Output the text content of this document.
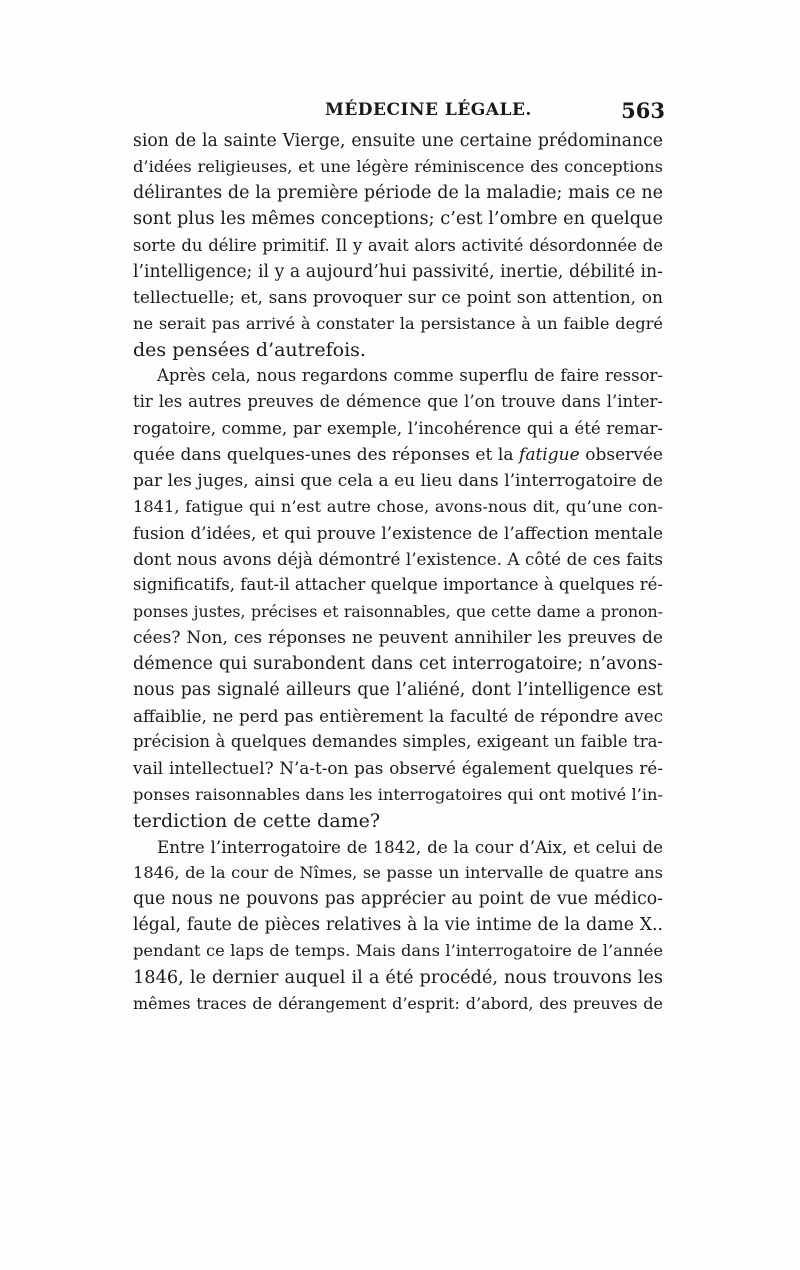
MÉDECINE LÉGALE.	563
sion de la sainte Vierge, ensuite une certaine prédominance
d’idées religieuses, et une légère réminiscence des conceptions
délirantes de la première période de la maladie; mais ce ne
sont plus les mêmes conceptions; c’est l’ombre en quelque
sorte du délire primitif. Il y avait alors activité désordonnée de
l’intelligence; il y a aujourd’hui passivité, inertie, débilité in-
tellectuelle; et, sans provoquer sur ce point son attention, on
ne serait pas arrivé à constater la persistance à un faible degré
des pensées d’autrefois.
Après cela, nous regardons comme superflu de faire ressor-
tir les autres preuves de démence que l’on trouve dans l’inter-
rogatoire, comme, par exemple, l’incohérence qui a été remar-
quée dans quelques-unes des réponses et la fatigue observée
par les juges, ainsi que cela a eu lieu dans l’interrogatoire de
1841, fatigue qui n’est autre chose, avons-nous dit, qu’une con-
fusion d’idées, et qui prouve l’existence de l’affection mentale
dont nous avons déjà démontré l’existence. A côté de ces faits
significatifs, faut-il attacher quelque importance à quelques ré-
ponses justes, précises et raisonnables, que cette dame a pronon-
cées? Non, ces réponses ne peuvent annihiler les preuves de
démence qui surabondent dans cet interrogatoire; n’avons-
nous pas signalé ailleurs que l’aliéné, dont l’intelligence est
affaiblie, ne perd pas entièrement la faculté de répondre avec
précision à quelques demandes simples, exigeant un faible tra-
vail intellectuel? N’a-t-on pas observé également quelques ré-
ponses raisonnables dans les interrogatoires qui ont motivé l’in-
terdiction de cette dame?
Entre l’interrogatoire de 1842, de la cour d’Aix, et celui de
1846, de la cour de Nîmes, se passe un intervalle de quatre ans
que nous ne pouvons pas apprécier au point de vue médico-
légal, faute de pièces relatives à la vie intime de la dame X..
pendant ce laps de temps. Mais dans l’interrogatoire de l’année
1846, le dernier auquel il a été procédé, nous trouvons les
mêmes traces de dérangement d’esprit: d’abord, des preuves de
